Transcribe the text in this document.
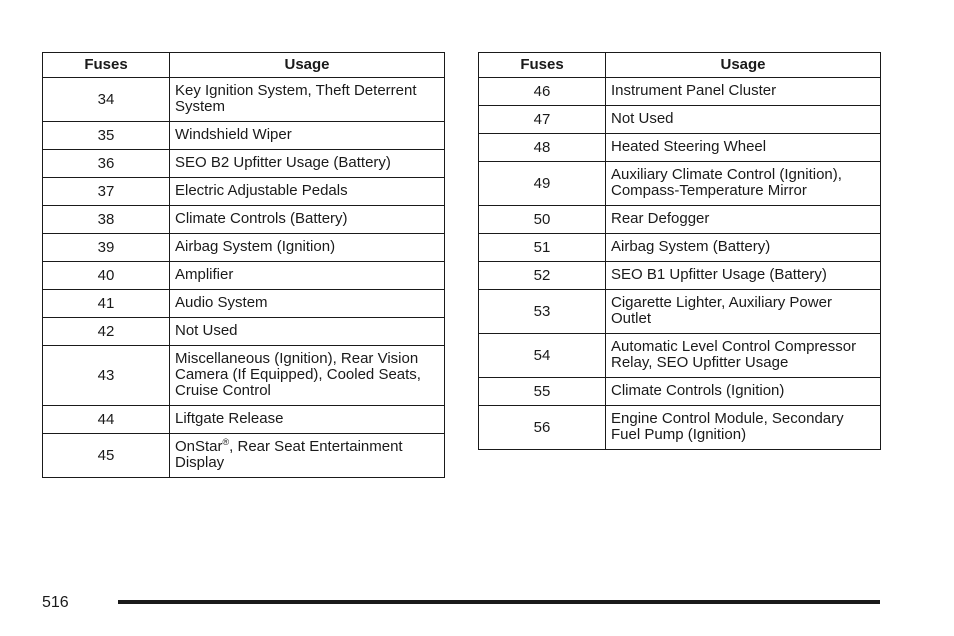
Fuses	Usage
34	Key Ignition System, Theft Deterrent System
35	Windshield Wiper
36	SEO B2 Upfitter Usage (Battery)
37	Electric Adjustable Pedals
38	Climate Controls (Battery)
39	Airbag System (Ignition)
40	Amplifier
41	Audio System
42	Not Used
43	Miscellaneous (Ignition), Rear Vision Camera (If Equipped), Cooled Seats, Cruise Control
44	Liftgate Release
45	OnStar®, Rear Seat Entertainment Display
Fuses	Usage
46	Instrument Panel Cluster
47	Not Used
48	Heated Steering Wheel
49	Auxiliary Climate Control (Ignition), Compass-Temperature Mirror
50	Rear Defogger
51	Airbag System (Battery)
52	SEO B1 Upfitter Usage (Battery)
53	Cigarette Lighter, Auxiliary Power Outlet
54	Automatic Level Control Compressor Relay, SEO Upfitter Usage
55	Climate Controls (Ignition)
56	Engine Control Module, Secondary Fuel Pump (Ignition)
516
